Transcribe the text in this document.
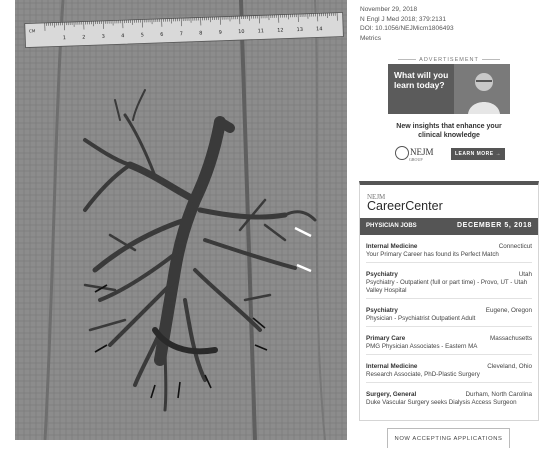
1	2	3	4	5	6	7	8	9	10	11	12	13	14
CM
November 29, 2018
N Engl J Med 2018; 379:2131
DOI: 10.1056/NEJMicm1806493
Metrics
ADVERTISEMENT
What will you learn today?
New insights that enhance your clinical knowledge
NEJM
GROUP
LEARN MORE →
NEJM
CareerCenter
PHYSICIAN JOBS	DECEMBER 5, 2018
Internal Medicine	Connecticut
Your Primary Career has found its Perfect Match
Psychiatry	Utah
Psychiatry - Outpatient (full or part time) - Provo, UT - Utah Valley Hospital
Psychiatry	Eugene, Oregon
Physician - Psychiatrist Outpatient Adult
Primary Care	Massachusetts
PMG Physician Associates - Eastern MA
Internal Medicine	Cleveland, Ohio
Research Associate, PhD-Plastic Surgery
Surgery, General	Durham, North Carolina
Duke Vascular Surgery seeks Dialysis Access Surgeon
NOW ACCEPTING APPLICATIONS
